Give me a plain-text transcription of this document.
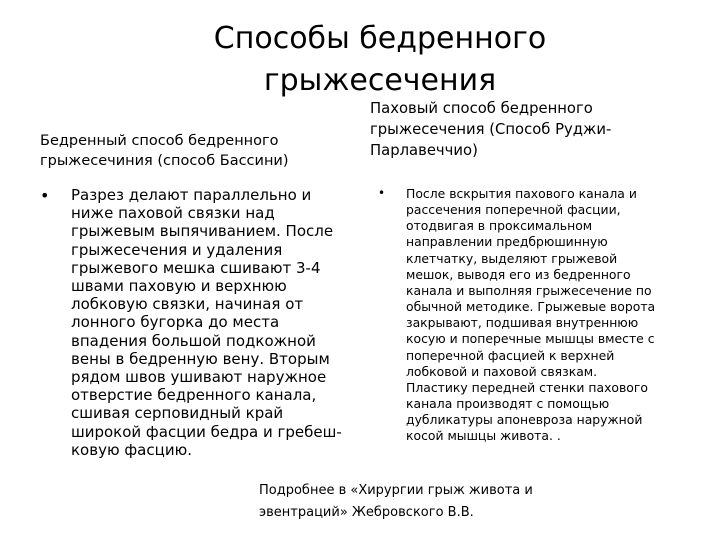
Способы бедренного
грыжесечения
Бедренный способ бедренного
грыжесечиния (способ Бассини)
Паховый способ бедренного
грыжесечения (Способ Руджи-
Парлавеччио)
• Разрез делают параллельно и
ниже паховой связки над
грыжевым выпячиванием. После
грыжесечения и удаления
грыжевого мешка сшивают 3-4
швами паховую и верхнюю
лобковую связки, начиная от
лонного бугорка до места
впадения большой подкожной
вены в бедренную вену. Вторым
рядом швов ушивают наружное
отверстие бедренного канала,
сшивая серповидный край
широкой фасции бедра и гребеш-
ковую фасцию.
• После вскрытия пахового канала и
рассечения поперечной фасции,
отодвигая в проксимальном
направлении предбрюшинную
клетчатку, выделяют грыжевой
мешок, выводя его из бедренного
канала и выполняя грыжесечение по
обычной методике. Грыжевые ворота
закрывают, подшивая внутреннюю
косую и поперечные мышцы вместе с
поперечной фасцией к верхней
лобковой и паховой связкам.
Пластику передней стенки пахового
канала производят с помощью
дубликатуры апоневроза наружной
косой мышцы живота. .

Подробнее в «Хирургии грыж живота и
эвентраций» Жебровского В.В.
